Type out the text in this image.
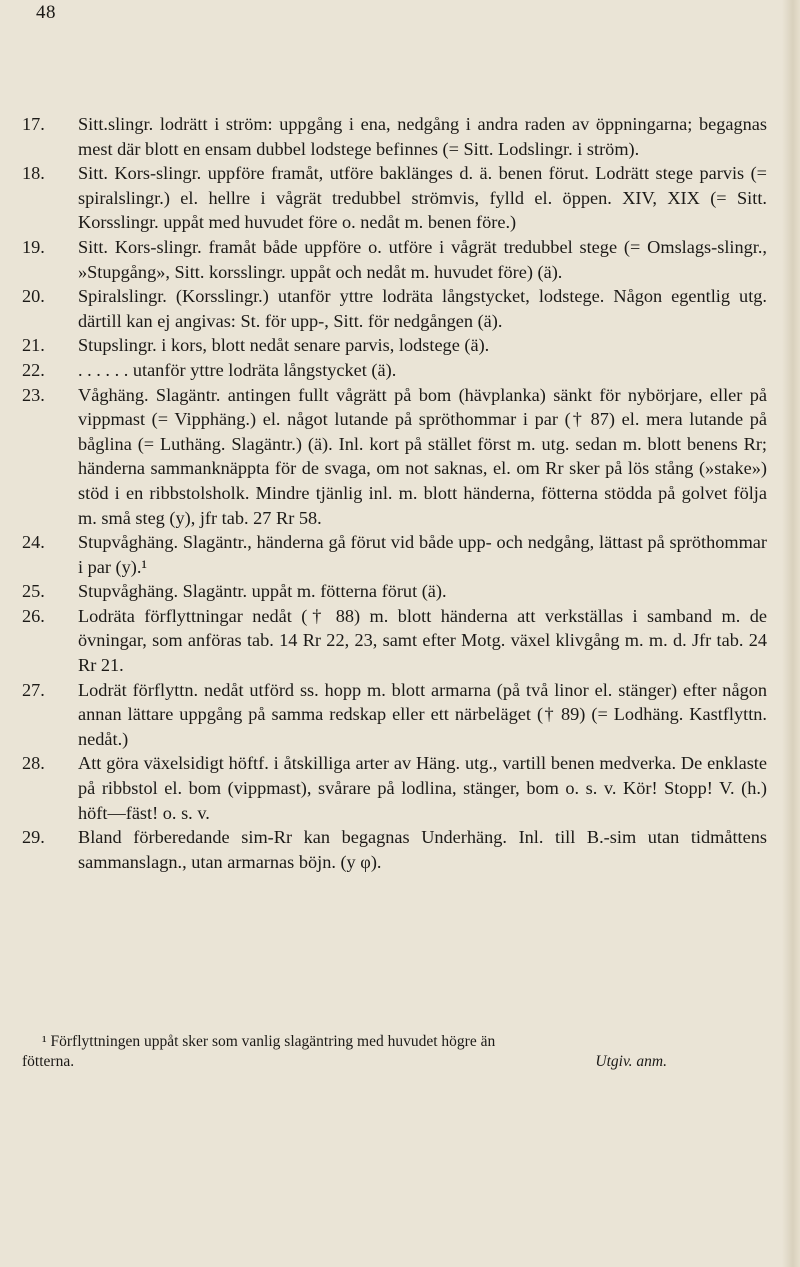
48
17.	Sitt.slingr. lodrätt i ström: uppgång i ena, nedgång i andra raden av öppningarna; begagnas mest där blott en ensam dubbel lodstege befinnes (= Sitt. Lodslingr. i ström).
18.	Sitt. Kors-slingr. uppföre framåt, utföre baklänges d. ä. benen förut. Lodrätt stege parvis (= spiralslingr.) el. hellre i vågrät tredubbel strömvis, fylld el. öppen. XIV, XIX (= Sitt. Korsslingr. uppåt med huvudet före o. nedåt m. benen före.)
19.	Sitt. Kors-slingr. framåt både uppföre o. utföre i vågrät tredubbel stege (= Omslags-slingr., »Stupgång», Sitt. korsslingr. uppåt och nedåt m. huvudet före) (ä).
20.	Spiralslingr. (Korsslingr.) utanför yttre lodräta långstycket, lodstege. Någon egentlig utg. därtill kan ej angivas: St. för upp-, Sitt. för nedgången (ä).
21.	Stupslingr. i kors, blott nedåt senare parvis, lodstege (ä).
22.	. . . . . . utanför yttre lodräta långstycket (ä).
23.	Våghäng. Slagäntr. antingen fullt vågrätt på bom (hävplanka) sänkt för nybörjare, eller på vippmast (= Vipphäng.) el. något lutande på spröthommar i par († 87) el. mera lutande på båglina (= Luthäng. Slagäntr.) (ä). Inl. kort på stället först m. utg. sedan m. blott benens Rr; händerna sammanknäppta för de svaga, om not saknas, el. om Rr sker på lös stång (»stake») stöd i en ribbstolsholk. Mindre tjänlig inl. m. blott händerna, fötterna stödda på golvet följa m. små steg (y), jfr tab. 27 Rr 58.
24.	Stupvåghäng. Slagäntr., händerna gå förut vid både upp- och nedgång, lättast på spröthommar i par (y).¹
25.	Stupvåghäng. Slagäntr. uppåt m. fötterna förut (ä).
26.	Lodräta förflyttningar nedåt († 88) m. blott händerna att verkställas i samband m. de övningar, som anföras tab. 14 Rr 22, 23, samt efter Motg. växel klivgång m. m. d. Jfr tab. 24 Rr 21.
27.	Lodrät förflyttn. nedåt utförd ss. hopp m. blott armarna (på två linor el. stänger) efter någon annan lättare uppgång på samma redskap eller ett närbeläget († 89) (= Lodhäng. Kastflyttn. nedåt.)
28.	Att göra växelsidigt höftf. i åtskilliga arter av Häng. utg., vartill benen medverka. De enklaste på ribbstol el. bom (vippmast), svårare på lodlina, stänger, bom o. s. v. Kör! Stopp! V. (h.) höft—fäst! o. s. v.
29.	Bland förberedande sim-Rr kan begagnas Underhäng. Inl. till B.-sim utan tidmåttens sammanslagn., utan armarnas böjn. (y φ).
¹ Förflyttningen uppåt sker som vanlig slagäntring med huvudet högre än
fötterna.	Utgiv. anm.
